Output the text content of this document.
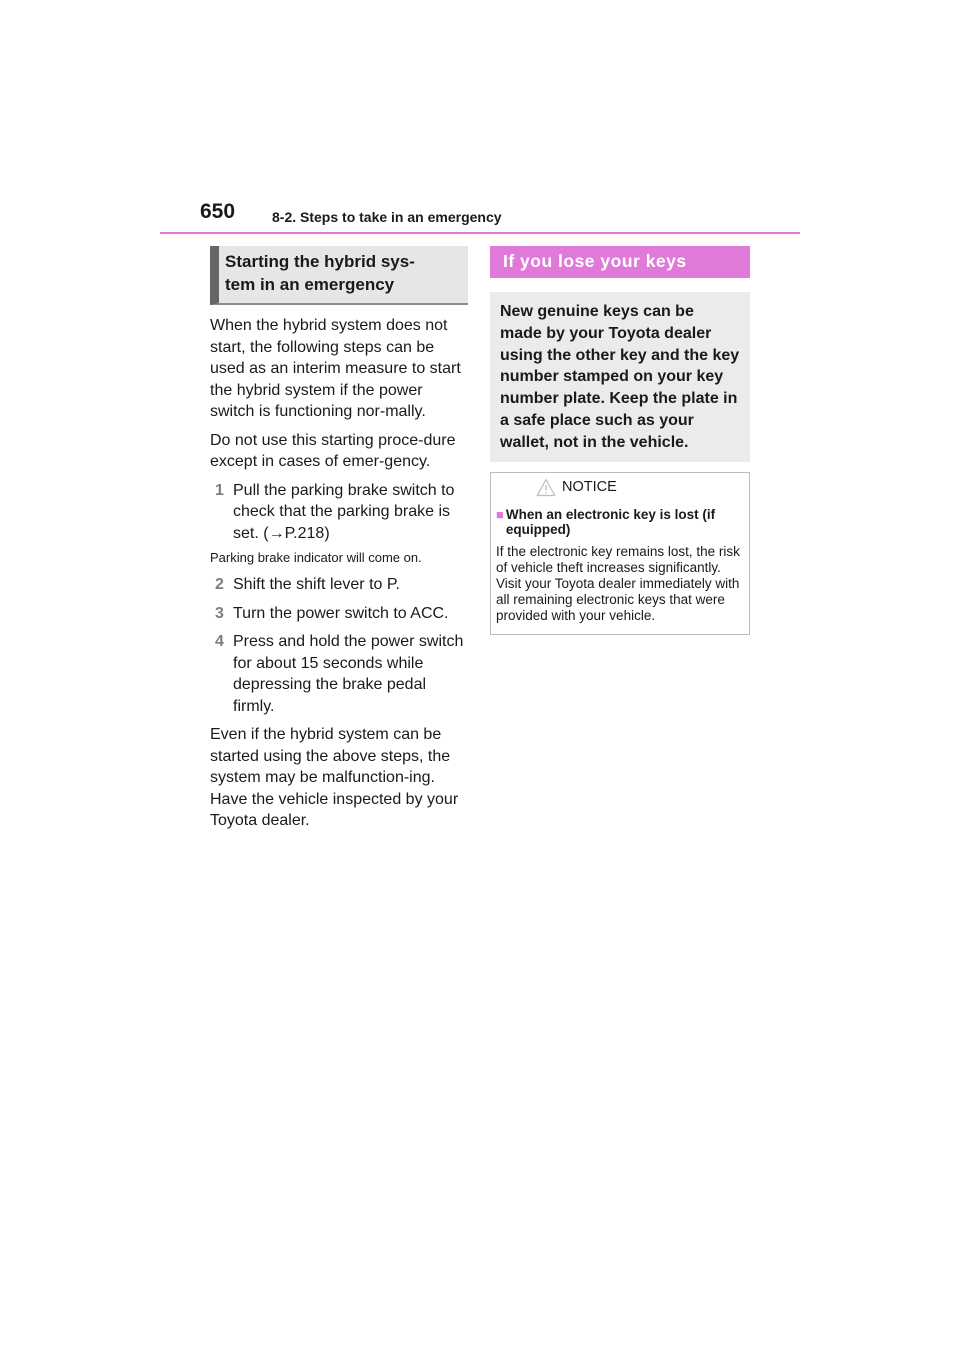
650	8-2. Steps to take in an emergency
Starting the hybrid sys-
tem in an emergency

When the hybrid system does not start, the following steps can be used as an interim measure to start the hybrid system if the power switch is functioning nor-mally.

Do not use this starting proce-dure except in cases of emer-gency.

1 Pull the parking brake switch to check that the parking brake is set. (→P.218)
Parking brake indicator will come on.
2 Shift the shift lever to P.
3 Turn the power switch to ACC.
4 Press and hold the power switch for about 15 seconds while depressing the brake pedal firmly.

Even if the hybrid system can be started using the above steps, the system may be malfunction-ing. Have the vehicle inspected by your Toyota dealer.

If you lose your keys
New genuine keys can be made by your Toyota dealer using the other key and the key number stamped on your key number plate. Keep the plate in a safe place such as your wallet, not in the vehicle.
NOTICE
■ When an electronic key is lost (if equipped)
If the electronic key remains lost, the risk of vehicle theft increases significantly. Visit your Toyota dealer immediately with all remaining electronic keys that were provided with your vehicle.
